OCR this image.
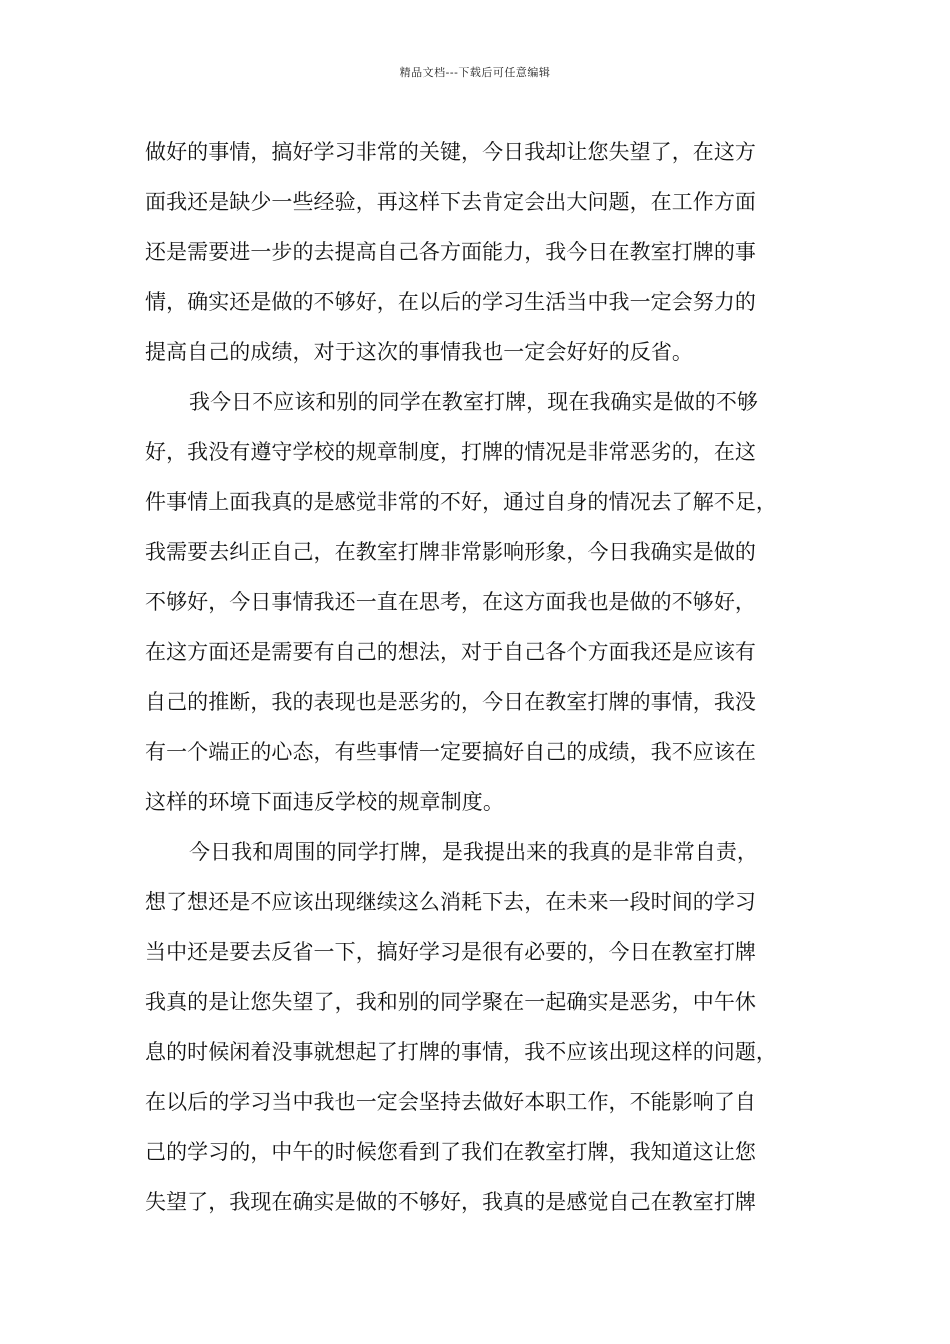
精品文档---下载后可任意编辑
做好的事情，搞好学习非常的关键，今日我却让您失望了，在这方
面我还是缺少一些经验，再这样下去肯定会出大问题，在工作方面
还是需要进一步的去提高自己各方面能力，我今日在教室打牌的事
情，确实还是做的不够好，在以后的学习生活当中我一定会努力的
提高自己的成绩，对于这次的事情我也一定会好好的反省。
我今日不应该和别的同学在教室打牌，现在我确实是做的不够
好，我没有遵守学校的规章制度，打牌的情况是非常恶劣的，在这
件事情上面我真的是感觉非常的不好，通过自身的情况去了解不足，
我需要去纠正自己，在教室打牌非常影响形象，今日我确实是做的
不够好，今日事情我还一直在思考，在这方面我也是做的不够好，
在这方面还是需要有自己的想法，对于自己各个方面我还是应该有
自己的推断，我的表现也是恶劣的，今日在教室打牌的事情，我没
有一个端正的心态，有些事情一定要搞好自己的成绩，我不应该在
这样的环境下面违反学校的规章制度。
今日我和周围的同学打牌，是我提出来的我真的是非常自责，
想了想还是不应该出现继续这么消耗下去，在未来一段时间的学习
当中还是要去反省一下，搞好学习是很有必要的，今日在教室打牌
我真的是让您失望了，我和别的同学聚在一起确实是恶劣，中午休
息的时候闲着没事就想起了打牌的事情，我不应该出现这样的问题，
在以后的学习当中我也一定会坚持去做好本职工作，不能影响了自
己的学习的，中午的时候您看到了我们在教室打牌，我知道这让您
失望了，我现在确实是做的不够好，我真的是感觉自己在教室打牌
